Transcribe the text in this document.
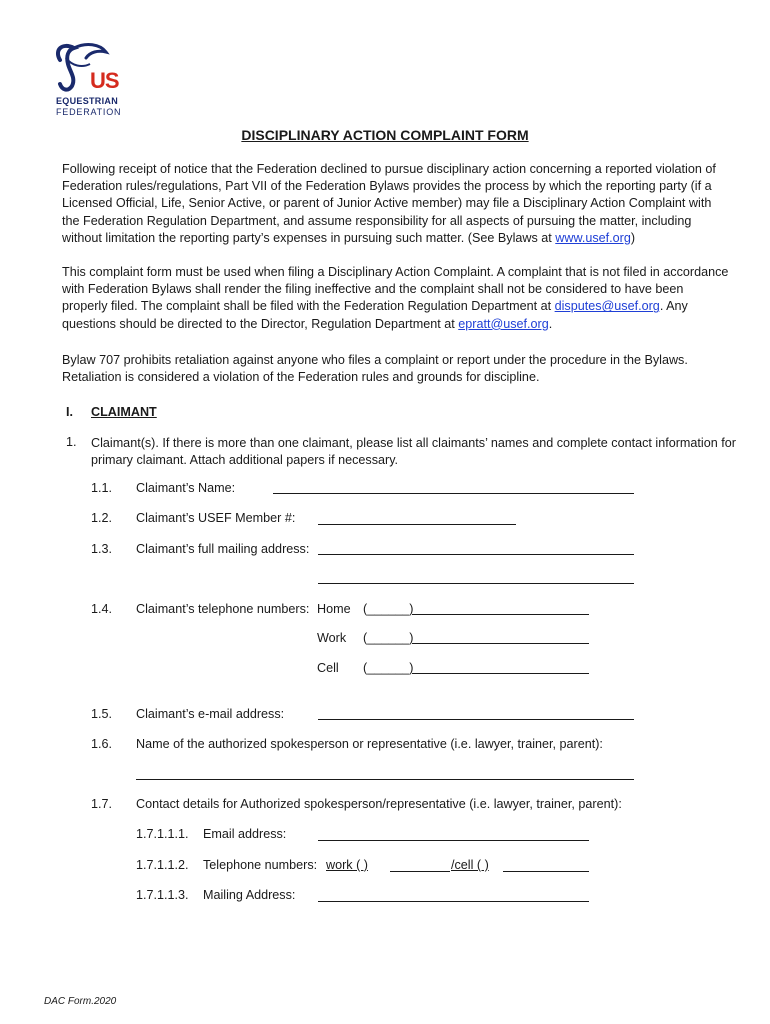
US
EQUESTRIAN
FEDERATION
DISCIPLINARY ACTION COMPLAINT FORM
Following receipt of notice that the Federation declined to pursue disciplinary action concerning a reported violation of Federation rules/regulations, Part VII of the Federation Bylaws provides the process by which the reporting party (if a Licensed Official, Life, Senior Active, or parent of Junior Active member) may file a Disciplinary Action Complaint with the Federation Regulation Department, and assume responsibility for all aspects of pursuing the matter, including without limitation the reporting party’s expenses in pursuing such matter. (See Bylaws at www.usef.org)
This complaint form must be used when filing a Disciplinary Action Complaint. A complaint that is not filed in accordance with Federation Bylaws shall render the filing ineffective and the complaint shall not be considered to have been properly filed. The complaint shall be filed with the Federation Regulation Department at disputes@usef.org. Any questions should be directed to the Director, Regulation Department at epratt@usef.org.
Bylaw 707 prohibits retaliation against anyone who files a complaint or report under the procedure in the Bylaws. Retaliation is considered a violation of the Federation rules and grounds for discipline.
I. CLAIMANT
1. Claimant(s). If there is more than one claimant, please list all claimants’ names and complete contact information for primary claimant. Attach additional papers if necessary.
1.1. Claimant’s Name:
1.2. Claimant’s USEF Member #:
1.3. Claimant’s full mailing address:
1.4. Claimant’s telephone numbers: Home (______)
Work (______)
Cell (______)
1.5. Claimant’s e-mail address:
1.6. Name of the authorized spokesperson or representative (i.e. lawyer, trainer, parent):
1.7. Contact details for Authorized spokesperson/representative (i.e. lawyer, trainer, parent):
1.7.1.1.1. Email address:
1.7.1.1.2. Telephone numbers: work ( )	/cell ( )
1.7.1.1.3. Mailing Address:
DAC Form.2020
